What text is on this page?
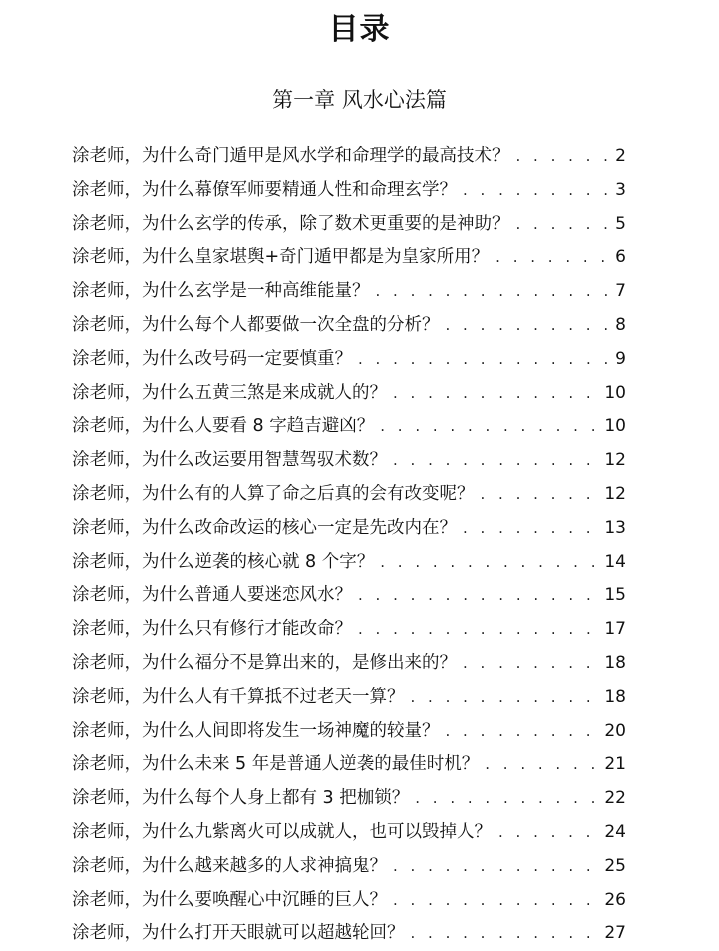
目录
第一章 风水心法篇
涂老师，为什么奇门遁甲是风水学和命理学的最高技术？ . . .	2
涂老师，为什么幕僚军师要精通人性和命理玄学？ . . .	3
涂老师，为什么玄学的传承，除了数术更重要的是神助？ . . .	5
涂老师，为什么皇家堪舆+奇门遁甲都是为皇家所用？ . . .	6
涂老师，为什么玄学是一种高维能量？ . . .	7
涂老师，为什么每个人都要做一次全盘的分析？ . . .	8
涂老师，为什么改号码一定要慎重？ . . .	9
涂老师，为什么五黄三煞是来成就人的？ . . .	10
涂老师，为什么人要看 8 字趋吉避凶？ . . .	10
涂老师，为什么改运要用智慧驾驭术数？ . . .	12
涂老师，为什么有的人算了命之后真的会有改变呢？ . . .	12
涂老师，为什么改命改运的核心一定是先改内在？ . . .	13
涂老师，为什么逆袭的核心就 8 个字？ . . .	14
涂老师，为什么普通人要迷恋风水？ . . .	15
涂老师，为什么只有修行才能改命？ . . .	17
涂老师，为什么福分不是算出来的，是修出来的？ . . .	18
涂老师，为什么人有千算抵不过老天一算？ . . .	18
涂老师，为什么人间即将发生一场神魔的较量？ . . .	20
涂老师，为什么未来 5 年是普通人逆袭的最佳时机？ . . .	21
涂老师，为什么每个人身上都有 3 把枷锁？ . . .	22
涂老师，为什么九紫离火可以成就人，也可以毁掉人？ . . .	24
涂老师，为什么越来越多的人求神搞鬼？ . . .	25
涂老师，为什么要唤醒心中沉睡的巨人？ . . .	26
涂老师，为什么打开天眼就可以超越轮回？ . . .	27
